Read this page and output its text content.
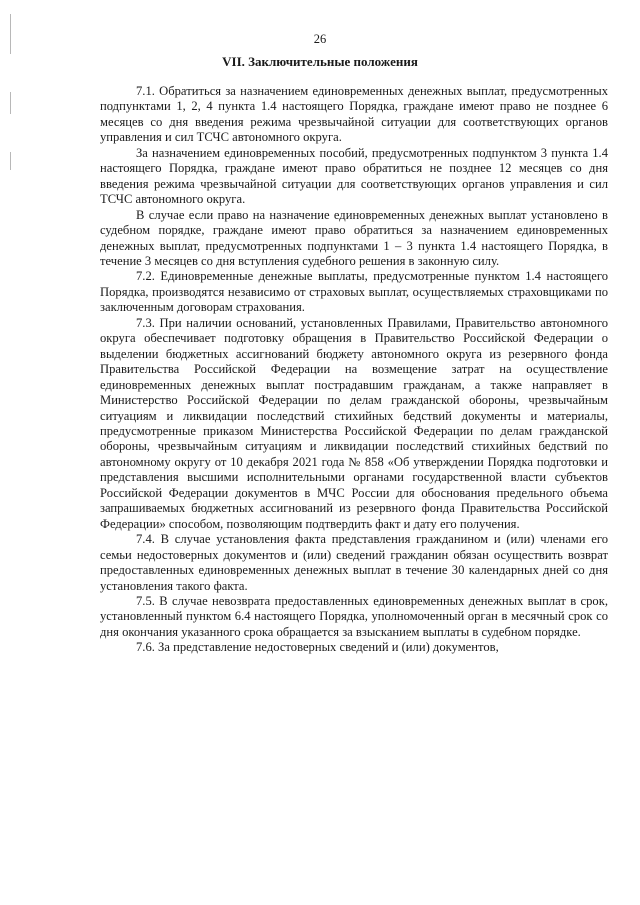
26
VII. Заключительные положения

7.1. Обратиться за назначением единовременных денежных выплат, предусмотренных подпунктами 1, 2, 4 пункта 1.4 настоящего Порядка, граждане имеют право не позднее 6 месяцев со дня введения режима чрезвычайной ситуации для соответствующих органов управления и сил ТСЧС автономного округа.

За назначением единовременных пособий, предусмотренных подпунктом 3 пункта 1.4 настоящего Порядка, граждане имеют право обратиться не позднее 12 месяцев со дня введения режима чрезвычайной ситуации для соответствующих органов управления и сил ТСЧС автономного округа.

В случае если право на назначение единовременных денежных выплат установлено в судебном порядке, граждане имеют право обратиться за назначением единовременных денежных выплат, предусмотренных подпунктами 1 – 3 пункта 1.4 настоящего Порядка, в течение 3 месяцев со дня вступления судебного решения в законную силу.

7.2. Единовременные денежные выплаты, предусмотренные пунктом 1.4 настоящего Порядка, производятся независимо от страховых выплат, осуществляемых страховщиками по заключенным договорам страхования.

7.3. При наличии оснований, установленных Правилами, Правительство автономного округа обеспечивает подготовку обращения в Правительство Российской Федерации о выделении бюджетных ассигнований бюджету автономного округа из резервного фонда Правительства Российской Федерации на возмещение затрат на осуществление единовременных денежных выплат пострадавшим гражданам, а также направляет в Министерство Российской Федерации по делам гражданской обороны, чрезвычайным ситуациям и ликвидации последствий стихийных бедствий документы и материалы, предусмотренные приказом Министерства Российской Федерации по делам гражданской обороны, чрезвычайным ситуациям и ликвидации последствий стихийных бедствий по автономному округу от 10 декабря 2021 года № 858 «Об утверждении Порядка подготовки и представления высшими исполнительными органами государственной власти субъектов Российской Федерации документов в МЧС России для обоснования предельного объема запрашиваемых бюджетных ассигнований из резервного фонда Правительства Российской Федерации» способом, позволяющим подтвердить факт и дату его получения.

7.4. В случае установления факта представления гражданином и (или) членами его семьи недостоверных документов и (или) сведений гражданин обязан осуществить возврат предоставленных единовременных денежных выплат в течение 30 календарных дней со дня установления такого факта.

7.5. В случае невозврата предоставленных единовременных денежных выплат в срок, установленный пунктом 6.4 настоящего Порядка, уполномоченный орган в месячный срок со дня окончания указанного срока обращается за взысканием выплаты в судебном порядке.

7.6. За представление недостоверных сведений и (или) документов,
